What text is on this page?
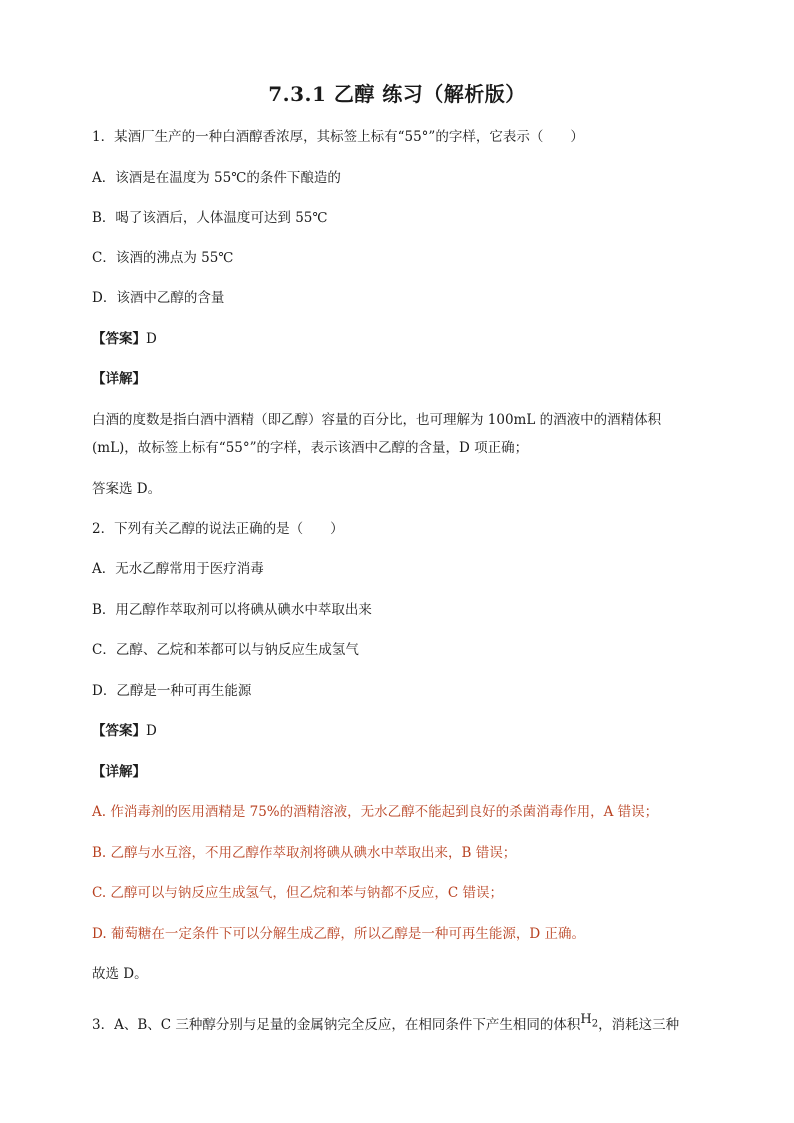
7.3.1 乙醇 练习（解析版）
1．某酒厂生产的一种白酒醇香浓厚，其标签上标有“55°”的字样，它表示（　　）
A．该酒是在温度为 55℃的条件下酿造的
B．喝了该酒后，人体温度可达到 55℃
C．该酒的沸点为 55℃
D．该酒中乙醇的含量
【答案】D
【详解】
白酒的度数是指白酒中酒精（即乙醇）容量的百分比，也可理解为 100mL 的酒液中的酒精体积
(mL)，故标签上标有“55°”的字样，表示该酒中乙醇的含量，D 项正确；
答案选 D。
2．下列有关乙醇的说法正确的是（　　）
A．无水乙醇常用于医疗消毒
B．用乙醇作萃取剂可以将碘从碘水中萃取出来
C．乙醇、乙烷和苯都可以与钠反应生成氢气
D．乙醇是一种可再生能源
【答案】D
【详解】
A. 作消毒剂的医用酒精是 75%的酒精溶液，无水乙醇不能起到良好的杀菌消毒作用，A 错误；
B. 乙醇与水互溶，不用乙醇作萃取剂将碘从碘水中萃取出来，B 错误；
C. 乙醇可以与钠反应生成氢气，但乙烷和苯与钠都不反应，C 错误；
D. 葡萄糖在一定条件下可以分解生成乙醇，所以乙醇是一种可再生能源，D 正确。
故选 D。
3．A、B、C 三种醇分别与足量的金属钠完全反应，在相同条件下产生相同的体积$H_2$，消耗这三种
